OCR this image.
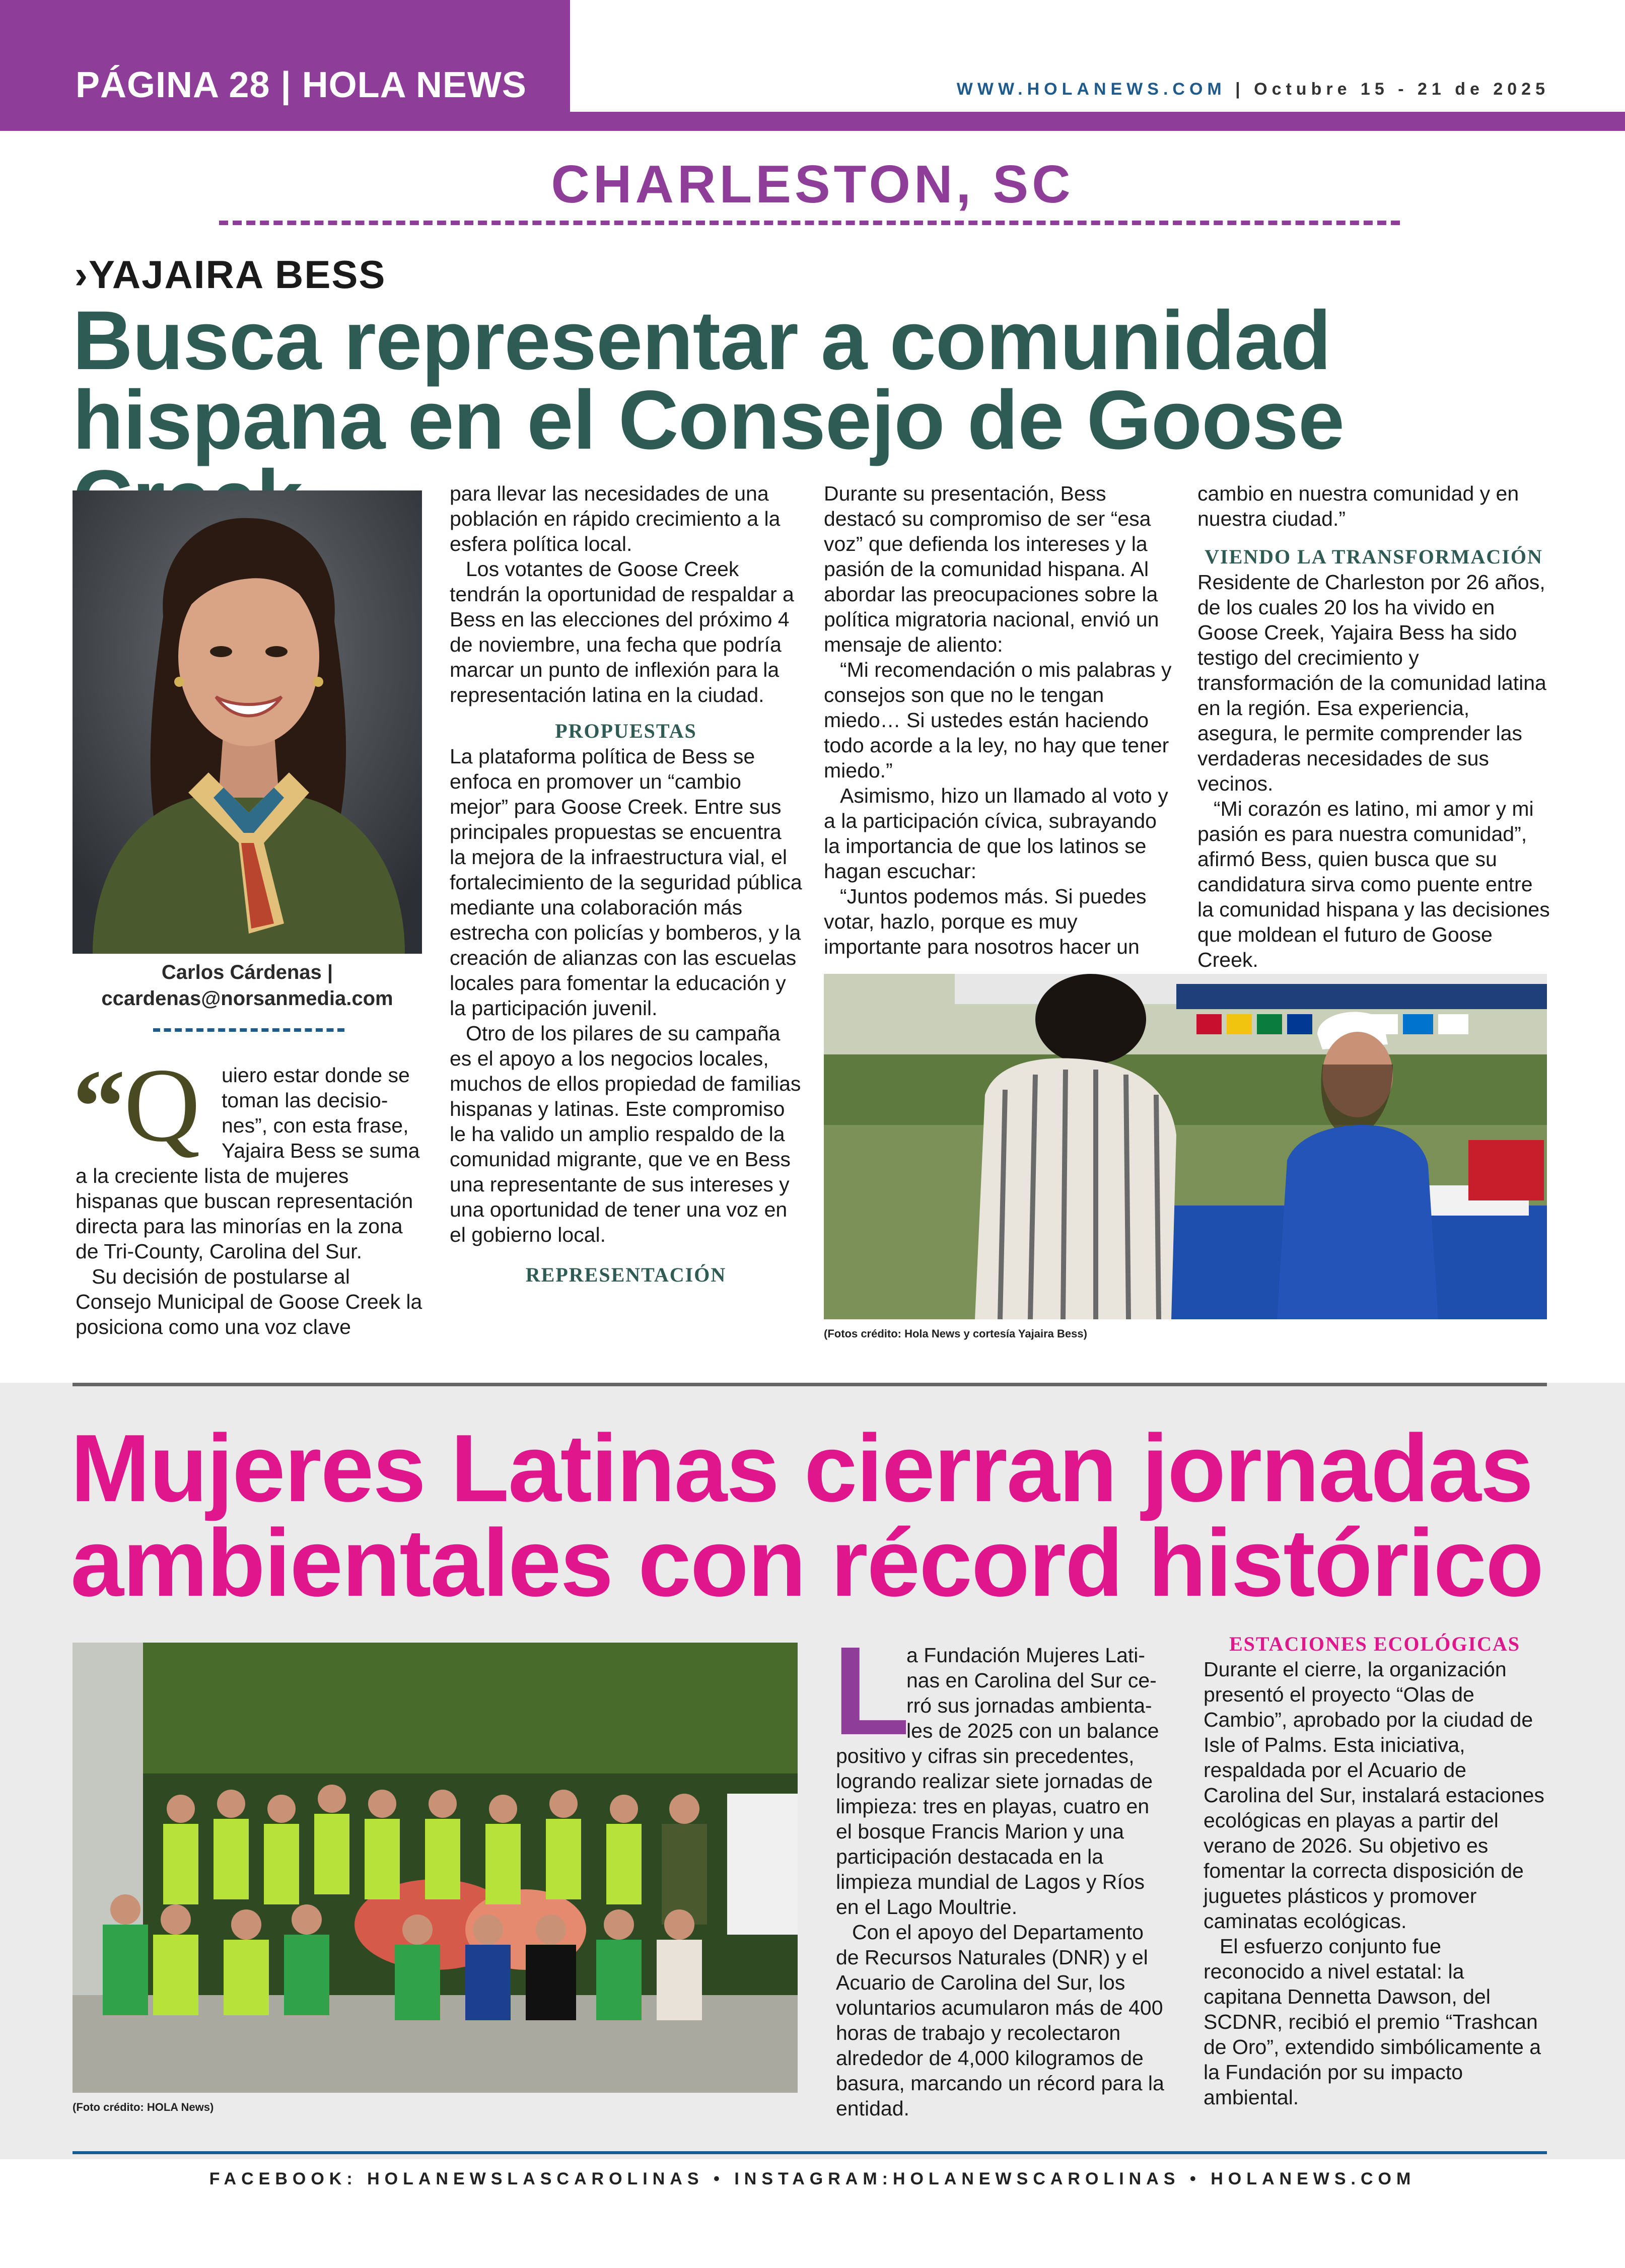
PÁGINA 28 | HOLA NEWS	WWW.HOLANEWS.COM | Octubre 15 - 21 de 2025
CHARLESTON, SC
›YAJAIRA BESS
Busca representar a comunidad
hispana en el Consejo de Goose
Carlos Cárdenas |
ccardenas@norsanmedia.com
“
Q uiero estar donde se
toman las decisio-
nes”, con esta frase,
Yajaira Bess se suma

a la creciente lista de mujeres hispanas que buscan representación directa para las minorías en la zona de Tri-County, Carolina del Sur.

Su decisión de postularse al Consejo Municipal de Goose Creek la posiciona como una voz clave

para llevar las necesidades de una población en rápido crecimiento a la esfera política local.

Los votantes de Goose Creek tendrán la oportunidad de respaldar a Bess en las elecciones del próximo 4 de noviembre, una fecha que podría marcar un punto de inflexión para la representación latina en la ciudad.

PROPUESTAS

La plataforma política de Bess se enfoca en promover un “cambio mejor” para Goose Creek. Entre sus principales propuestas se encuentra la mejora de la infraestructura vial, el fortalecimiento de la seguridad pública mediante una colaboración más estrecha con policías y bomberos, y la creación de alianzas con las escuelas locales para fomentar la educación y la participación juvenil.

Otro de los pilares de su campaña es el apoyo a los negocios locales, muchos de ellos propiedad de familias hispanas y latinas. Este compromiso le ha valido un amplio respaldo de la comunidad migrante, que ve en Bess una representante de sus intereses y una oportunidad de tener una voz en el gobierno local.

REPRESENTACIÓN

Durante su presentación, Bess destacó su compromiso de ser “esa voz” que defienda los intereses y la pasión de la comunidad hispana. Al abordar las preocupaciones sobre la política migratoria nacional, envió un mensaje de aliento:

“Mi recomendación o mis palabras y consejos son que no le tengan miedo… Si ustedes están haciendo todo acorde a la ley, no hay que tener miedo.”

Asimismo, hizo un llamado al voto y a la participación cívica, subrayando la importancia de que los latinos se hagan escuchar:

“Juntos podemos más. Si puedes votar, hazlo, porque es muy importante para nosotros hacer un

cambio en nuestra comunidad y en nuestra ciudad.”

VIENDO LA TRANSFORMACIÓN

Residente de Charleston por 26 años, de los cuales 20 los ha vivido en Goose Creek, Yajaira Bess ha sido testigo del crecimiento y transformación de la comunidad latina en la región. Esa experiencia, asegura, le permite comprender las verdaderas necesidades de sus vecinos.

“Mi corazón es latino, mi amor y mi pasión es para nuestra comunidad”, afirmó Bess, quien busca que su candidatura sirva como puente entre la comunidad hispana y las decisiones que moldean el futuro de Goose Creek.

(Fotos crédito: Hola News y cortesía Yajaira Bess)
Mujeres Latinas cierran jornadas
ambientales con récord histórico
(Foto crédito: HOLA News)
L
a Fundación Mujeres Lati-
nas en Carolina del Sur ce-
rró sus jornadas ambienta-
les de 2025 con un balance

positivo y cifras sin precedentes, logrando realizar siete jornadas de limpieza: tres en playas, cuatro en el bosque Francis Marion y una participación destacada en la limpieza mundial de Lagos y Ríos en el Lago Moultrie.

Con el apoyo del Departamento de Recursos Naturales (DNR) y el Acuario de Carolina del Sur, los voluntarios acumularon más de 400 horas de trabajo y recolectaron alrededor de 4,000 kilogramos de basura, marcando un récord para la entidad.

ESTACIONES ECOLÓGICAS

Durante el cierre, la organización presentó el proyecto “Olas de Cambio”, aprobado por la ciudad de Isle of Palms. Esta iniciativa, respaldada por el Acuario de Carolina del Sur, instalará estaciones ecológicas en playas a partir del verano de 2026. Su objetivo es fomentar la correcta disposición de juguetes plásticos y promover caminatas ecológicas.

El esfuerzo conjunto fue reconocido a nivel estatal: la capitana Dennetta Dawson, del SCDNR, recibió el premio “Trashcan de Oro”, extendido simbólicamente a la Fundación por su impacto ambiental.

FACEBOOK: HOLANEWSLASCAROLINAS • INSTAGRAM:HOLANEWSCAROLINAS • HOLANEWS.COM
